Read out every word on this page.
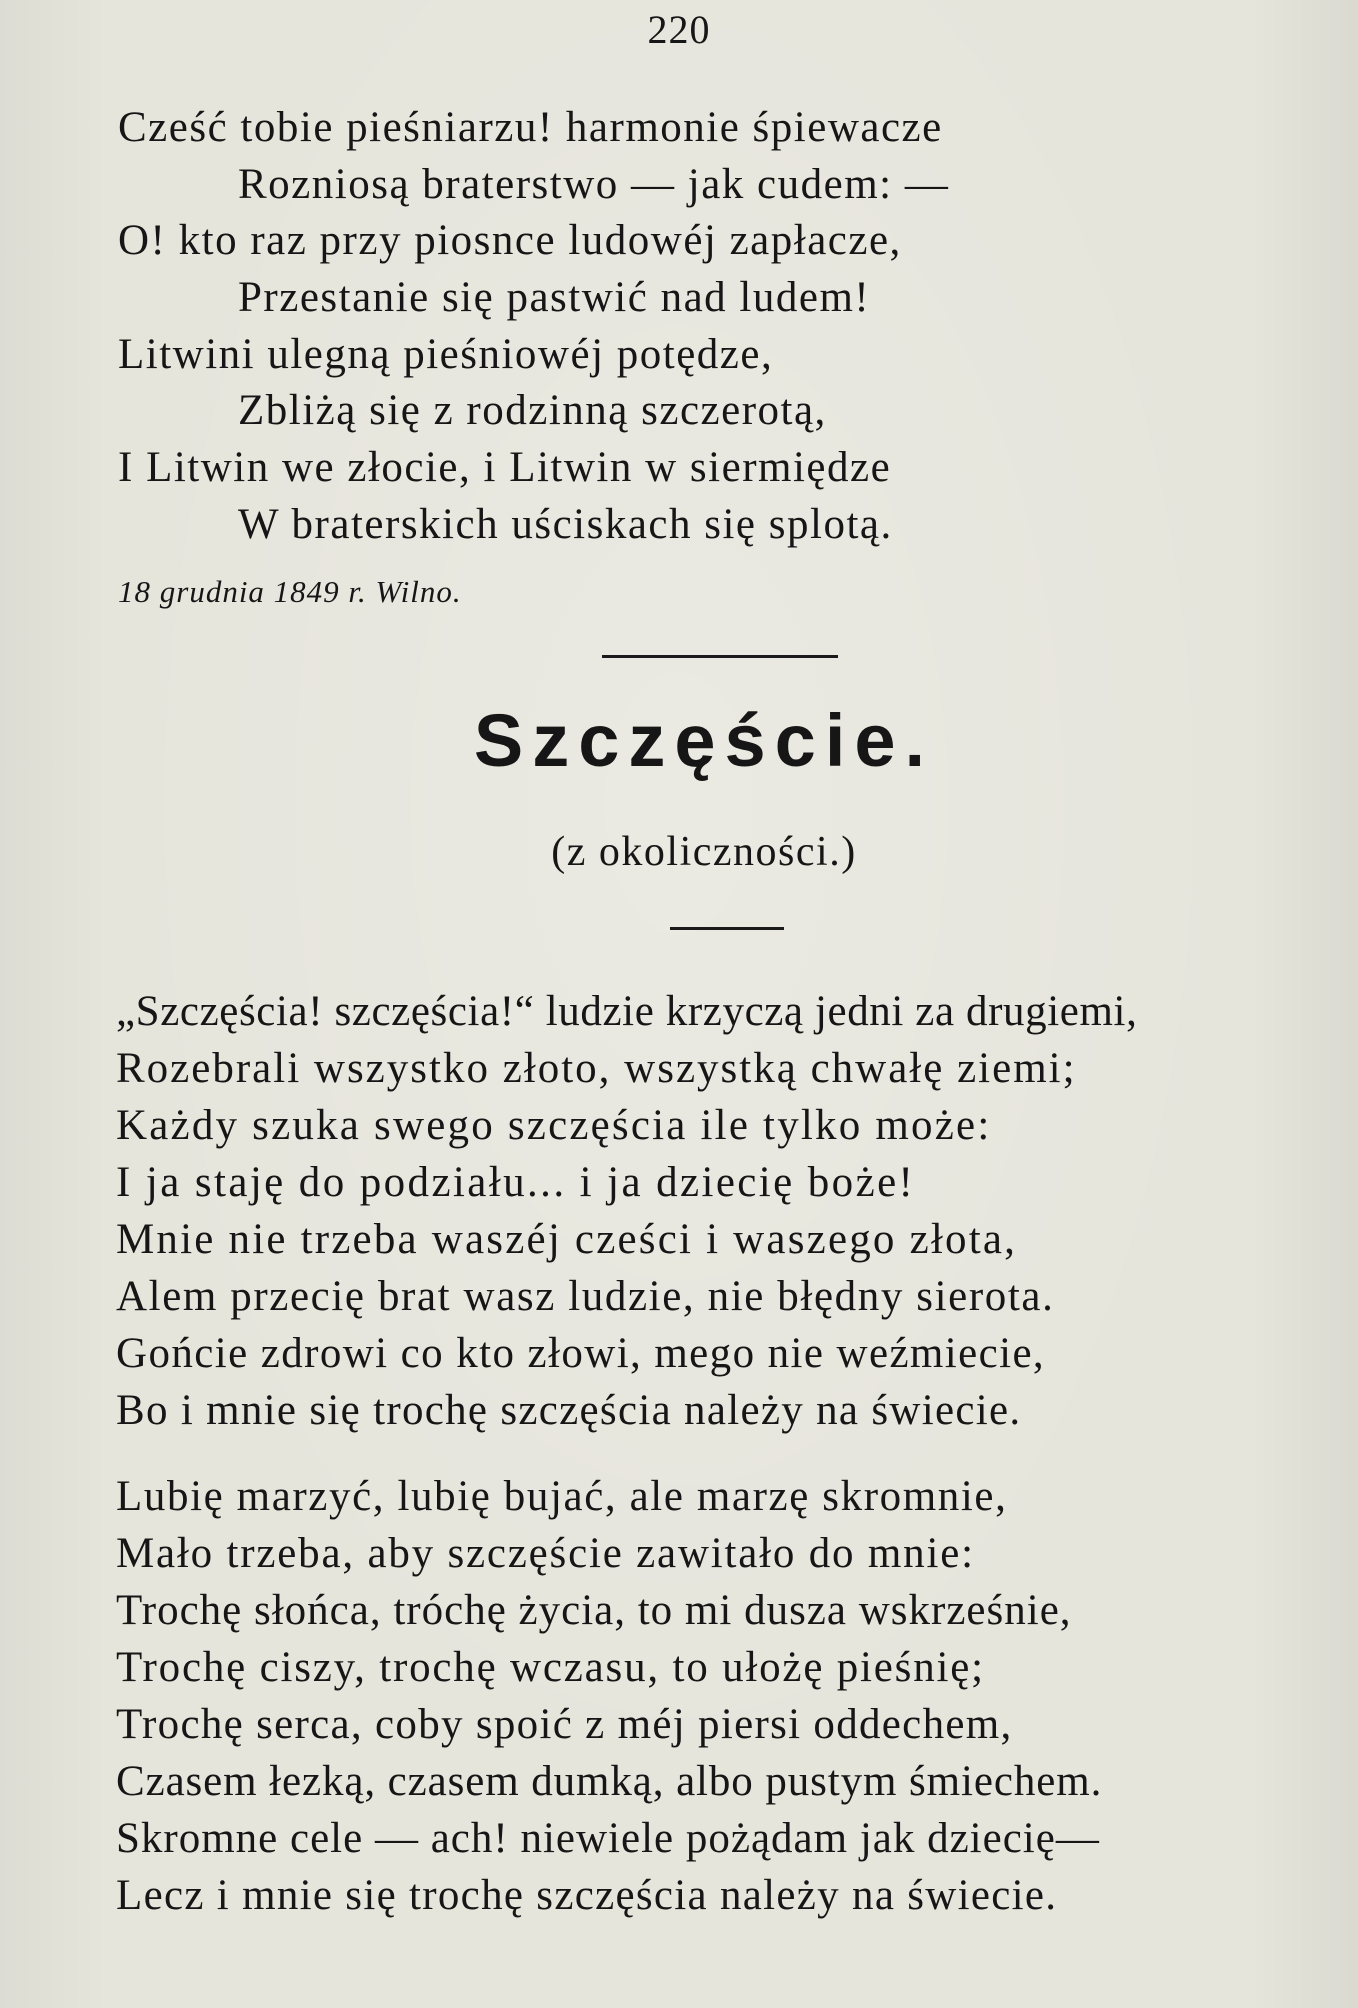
220
Cześć tobie pieśniarzu! harmonie śpiewacze
Rozniosą braterstwo — jak cudem: —
O! kto raz przy piosnce ludowéj zapłacze,
Przestanie się pastwić nad ludem!
Litwini ulegną pieśniowéj potędze,
Zbliżą się z rodzinną szczerotą,
I Litwin we złocie, i Litwin w siermiędze
W braterskich uściskach się splotą.
18 grudnia 1849 r. Wilno.
Szczęście.
(z okoliczności.)
„Szczęścia! szczęścia!“ ludzie krzyczą jedni za drugiemi,
Rozebrali wszystko złoto, wszystką chwałę ziemi;
Każdy szuka swego szczęścia ile tylko może:
I ja staję do podziału... i ja dziecię boże!
Mnie nie trzeba waszéj cześci i waszego złota,
Alem przecię brat wasz ludzie, nie błędny sierota.
Gońcie zdrowi co kto złowi, mego nie weźmiecie,
Bo i mnie się trochę szczęścia należy na świecie.
Lubię marzyć, lubię bujać, ale marzę skromnie,
Mało trzeba, aby szczęście zawitało do mnie:
Trochę słońca, tróchę życia, to mi dusza wskrześnie,
Trochę ciszy, trochę wczasu, to ułożę pieśnię;
Trochę serca, coby spoić z méj piersi oddechem,
Czasem łezką, czasem dumką, albo pustym śmiechem.
Skromne cele — ach! niewiele pożądam jak dziecię—
Lecz i mnie się trochę szczęścia należy na świecie.
